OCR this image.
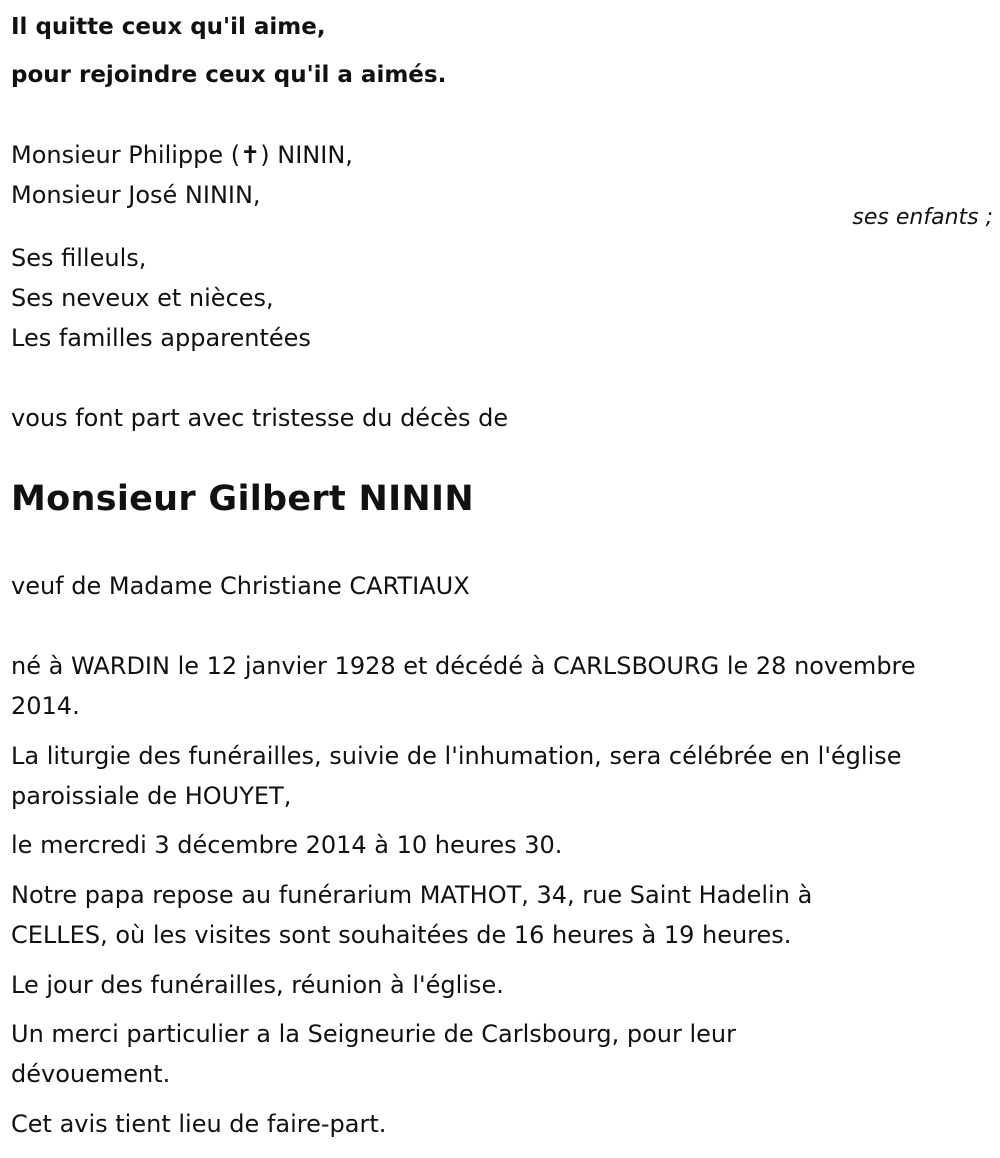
Il quitte ceux qu'il aime,
pour rejoindre ceux qu'il a aimés.
Monsieur Philippe (✝) NININ,
Monsieur José NININ,
ses enfants ;
Ses filleuls,
Ses neveux et nièces,
Les familles apparentées
vous font part avec tristesse du décès de
Monsieur Gilbert NININ
veuf de Madame Christiane CARTIAUX
né à WARDIN le 12 janvier 1928 et décédé à CARLSBOURG le 28 novembre
2014.
La liturgie des funérailles, suivie de l'inhumation, sera célébrée en l'église
paroissiale de HOUYET,
le mercredi 3 décembre 2014 à 10 heures 30.
Notre papa repose au funérarium MATHOT, 34, rue Saint Hadelin à
CELLES, où les visites sont souhaitées de 16 heures à 19 heures.
Le jour des funérailles, réunion à l'église.
Un merci particulier a la Seigneurie de Carlsbourg, pour leur
dévouement.
Cet avis tient lieu de faire-part.
